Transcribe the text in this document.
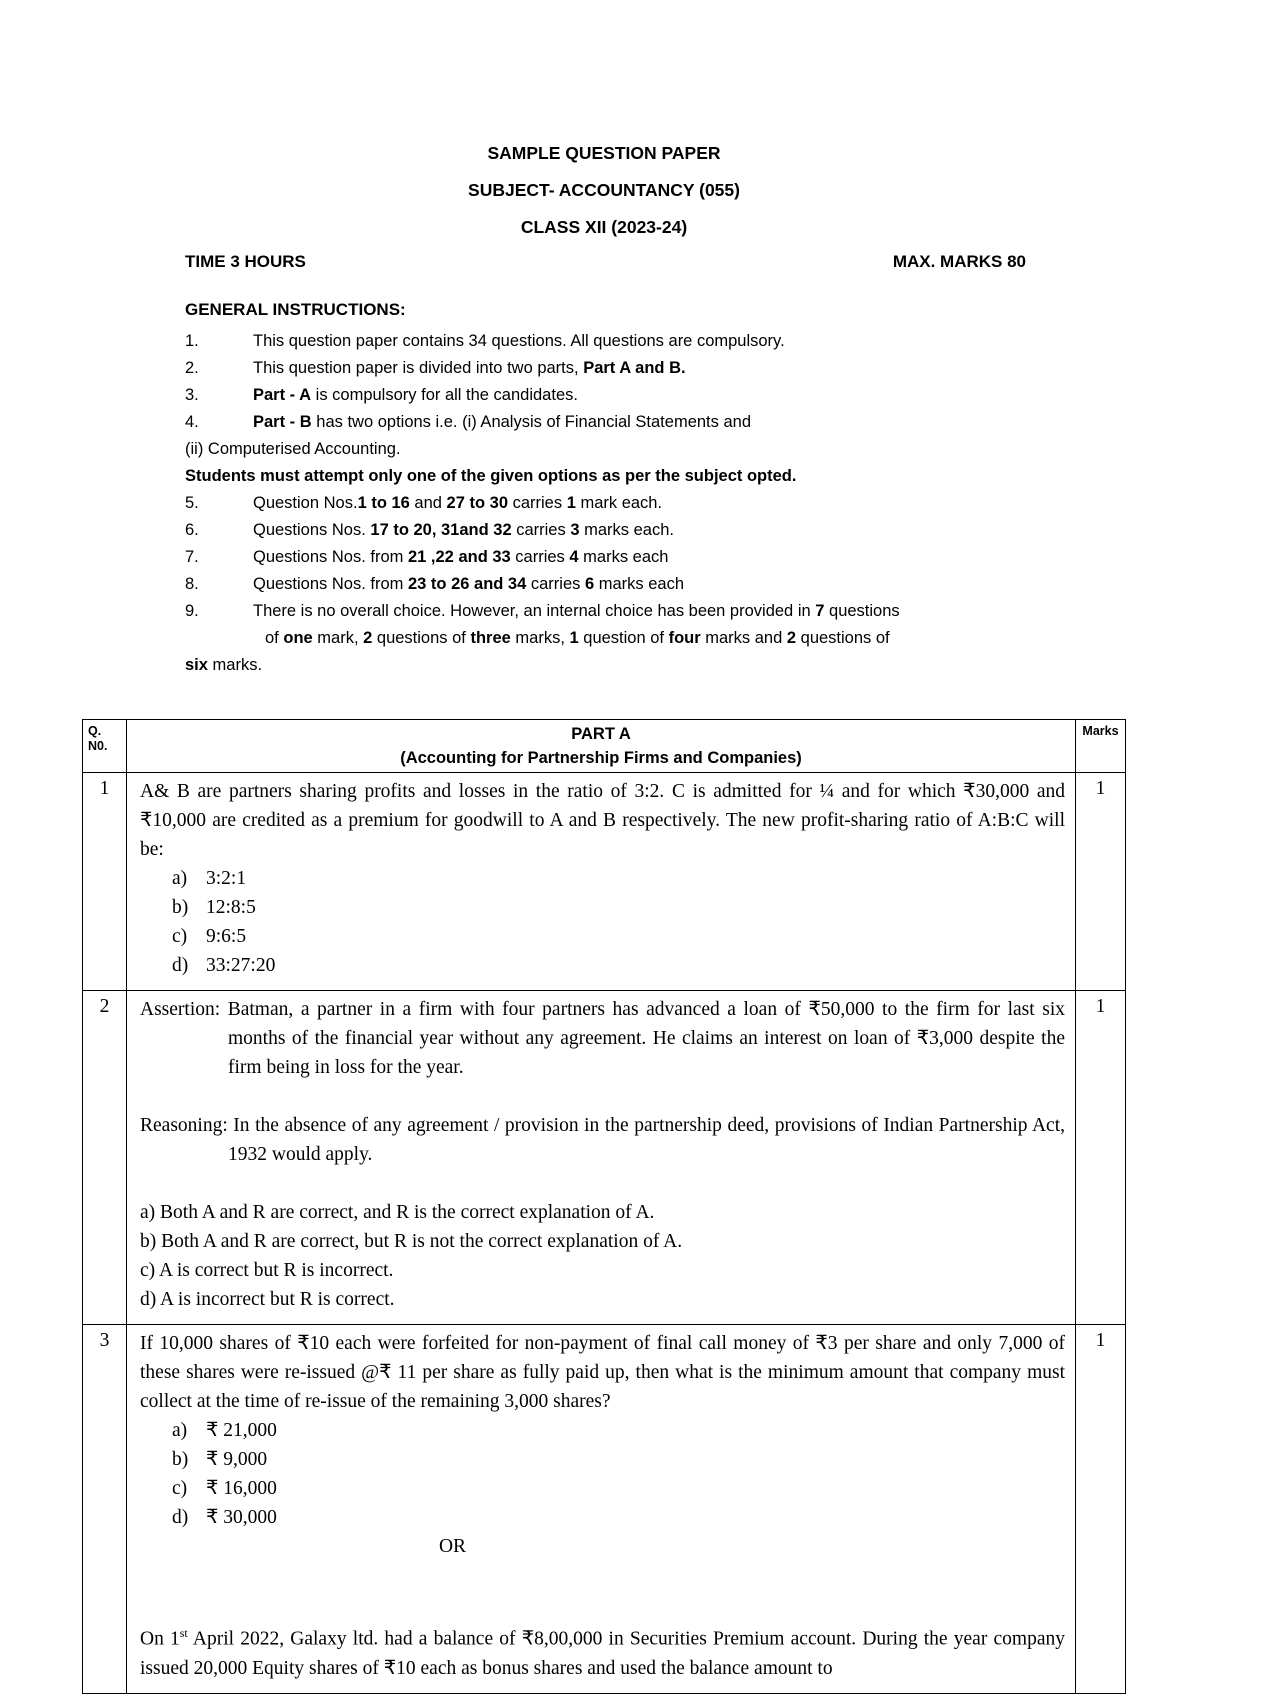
SAMPLE QUESTION PAPER
SUBJECT- ACCOUNTANCY (055)
CLASS XII (2023-24)
TIME 3 HOURS	MAX. MARKS 80
GENERAL INSTRUCTIONS:
1.	This question paper contains 34 questions. All questions are compulsory.
2.	This question paper is divided into two parts, Part A and B.
3.	Part - A is compulsory for all the candidates.
4.	Part - B has two options i.e. (i) Analysis of Financial Statements and
(ii) Computerised Accounting.
Students must attempt only one of the given options as per the subject opted.
5.	Question Nos.1 to 16 and 27 to 30 carries 1 mark each.
6.	Questions Nos. 17 to 20, 31and 32 carries 3 marks each.
7.	Questions Nos. from 21 ,22 and 33 carries 4 marks each
8.	Questions Nos. from 23 to 26 and 34 carries 6 marks each
9.	There is no overall choice. However, an internal choice has been provided in 7 questions
of one mark, 2 questions of three marks, 1 question of four marks and 2 questions of
six marks.
Q.
N0.

PART A
(Accounting for Partnership Firms and Companies)
	Marks
1	A& B are partners sharing profits and losses in the ratio of 3:2. C is admitted for ¼ and for which ₹30,000 and ₹10,000 are credited as a premium for goodwill to A and B respectively. The new profit-sharing ratio of A:B:C will be:
a) 3:2:1
b) 12:8:5
c) 9:6:5
d) 33:27:20	1
2	Assertion: Batman, a partner in a firm with four partners has advanced a loan of ₹50,000 to the firm for last six months of the financial year without any agreement. He claims an interest on loan of ₹3,000 despite the firm being in loss for the year.

Reasoning: In the absence of any agreement / provision in the partnership deed, provisions of Indian Partnership Act, 1932 would apply.

a) Both A and R are correct, and R is the correct explanation of A.
b) Both A and R are correct, but R is not the correct explanation of A.
c) A is correct but R is incorrect.
d) A is incorrect but R is correct.
	1
3	If 10,000 shares of ₹10 each were forfeited for non-payment of final call money of ₹3 per share and only 7,000 of these shares were re-issued @₹ 11 per share as fully paid up, then what is the minimum amount that company must collect at the time of re-issue of the remaining 3,000 shares?
a) ₹ 21,000
b) ₹ 9,000
c) ₹ 16,000
d) ₹ 30,000
OR

On 1st April 2022, Galaxy ltd. had a balance of ₹8,00,000 in Securities Premium account. During the year company issued 20,000 Equity shares of ₹10 each as bonus shares and used the balance amount to
	1
